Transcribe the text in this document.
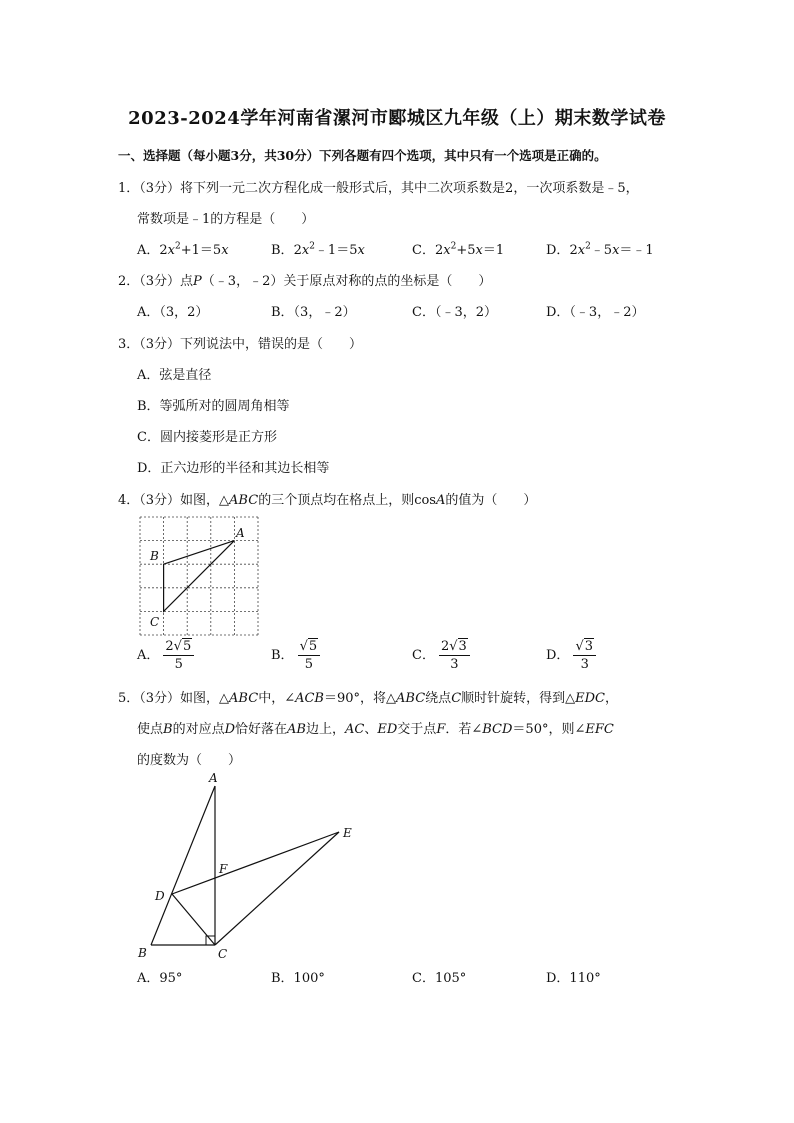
2023-2024学年河南省漯河市郾城区九年级（上）期末数学试卷
一、选择题（每小题3分，共30分）下列各题有四个选项，其中只有一个选项是正确的。
1．（3分）将下列一元二次方程化成一般形式后，其中二次项系数是2，一次项系数是﹣5，
常数项是﹣1的方程是（　　）
A．$2x^2+1=5x$	B．$2x^2﹣1=5x$	C．$2x^2+5x=1$	D．$2x^2﹣5x=﹣1$
2．（3分）点P（﹣3，﹣2）关于原点对称的点的坐标是（　　）
A．（3，2）	B．（3，﹣2）	C．（﹣3，2）	D．（﹣3，﹣2）
3．（3分）下列说法中，错误的是（　　）
A．弦是直径
B．等弧所对的圆周角相等
C．圆内接菱形是正方形
D．正六边形的半径和其边长相等
4．（3分）如图，△ABC的三个顶点均在格点上，则cosA的值为（　　）
A
B
C
A． $\frac{2√5}{5}$	B． $\frac{√5}{5}$	C． $\frac{2√3}{3}$	D． $\frac{√3}{3}$
5．（3分）如图，△ABC中，∠ACB＝90°，将△ABC绕点C顺时针旋转，得到△EDC，
使点B的对应点D恰好落在AB边上，AC、ED交于点F．若∠BCD＝50°，则∠EFC
的度数为（　　）
A
B	C
D
E
F
A．95°	B．100°	C．105°	D．110°
